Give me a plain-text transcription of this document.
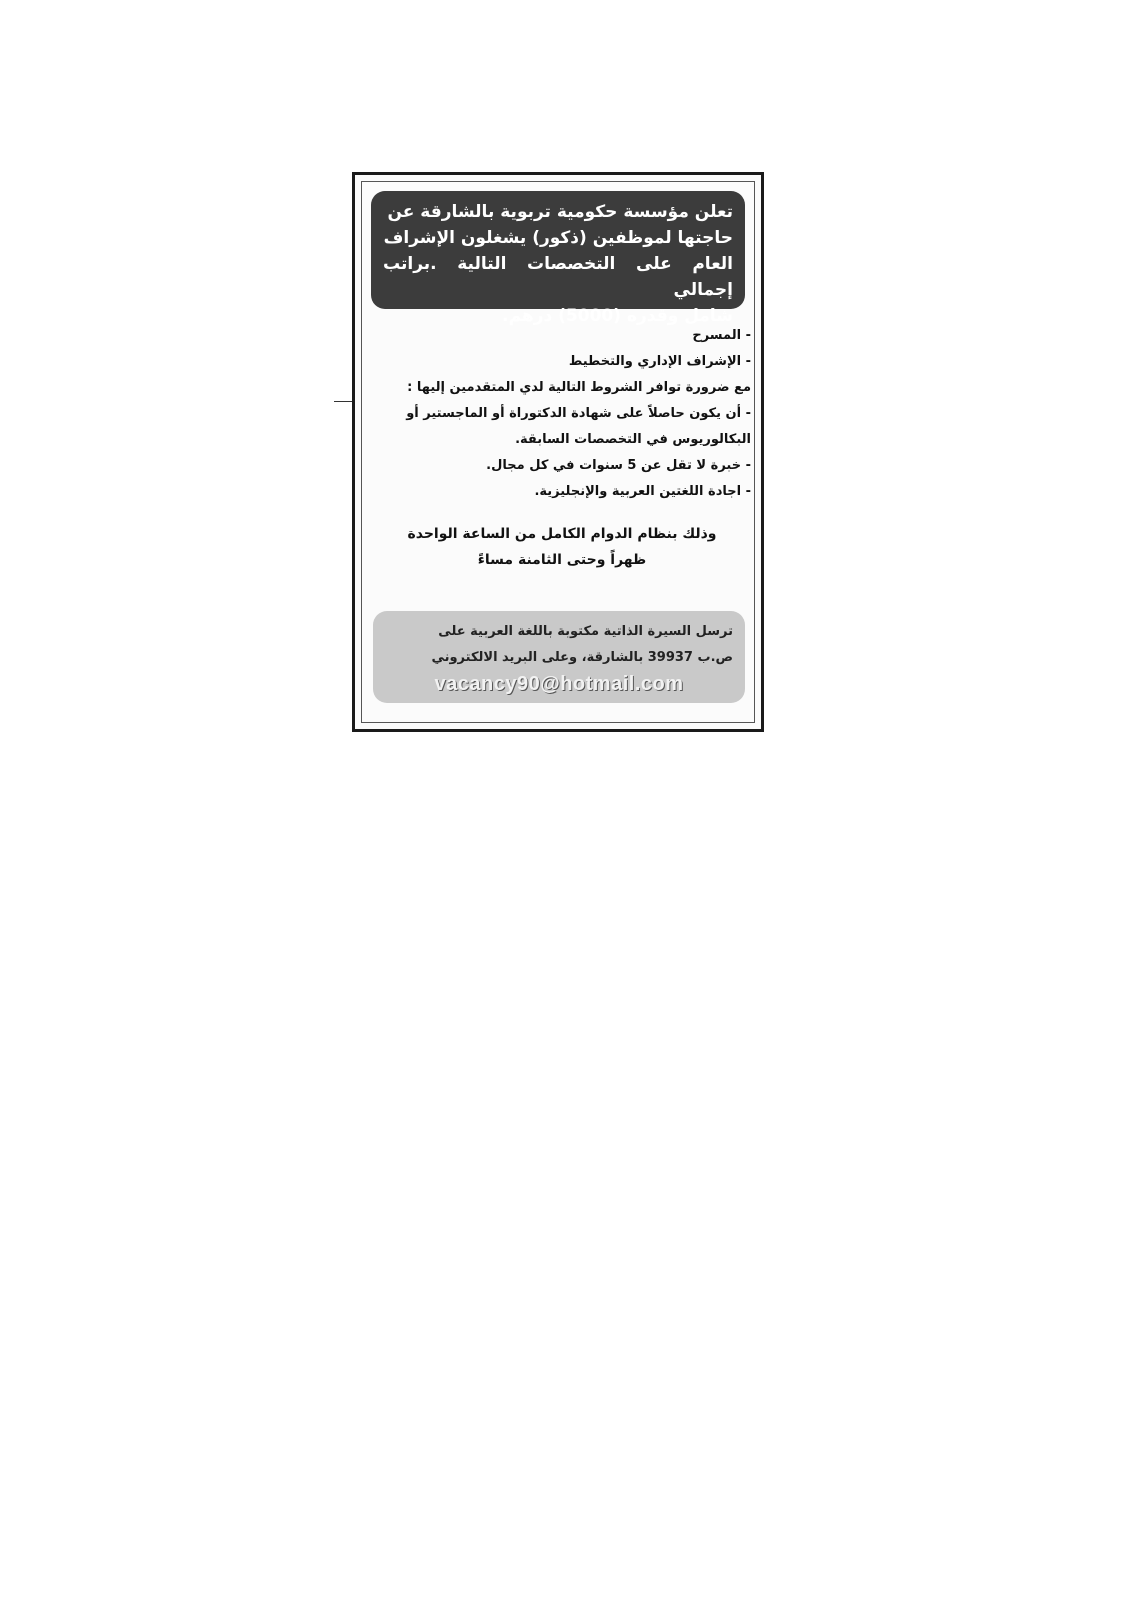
تعلن مؤسسة حكومية تربوية بالشارقة عن

حاجتها لموظفين (ذكور) يشغلون الإشراف

العام على التخصصات التالية .براتب إجمالي

شامل وقدره (5000) درهم.

- المسرح
- الإشراف الإداري والتخطيط
مع ضرورة توافر الشروط التالية لدي المتقدمين إليها :
- أن يكون حاصلاً على شهادة الدكتوراة أو الماجستير أو
البكالوريوس في التخصصات السابقة.
- خبرة لا تقل عن 5 سنوات في كل مجال.
- اجادة اللغتين العربية والإنجليزية.
وذلك بنظام الدوام الكامل من الساعة الواحدة
ظهراً وحتى الثامنة مساءً
ترسل السيرة الذاتية مكتوبة باللغة العربية على
ص.ب 39937 بالشارقة، وعلى البريد الالكتروني
vacancy90@hotmail.com
